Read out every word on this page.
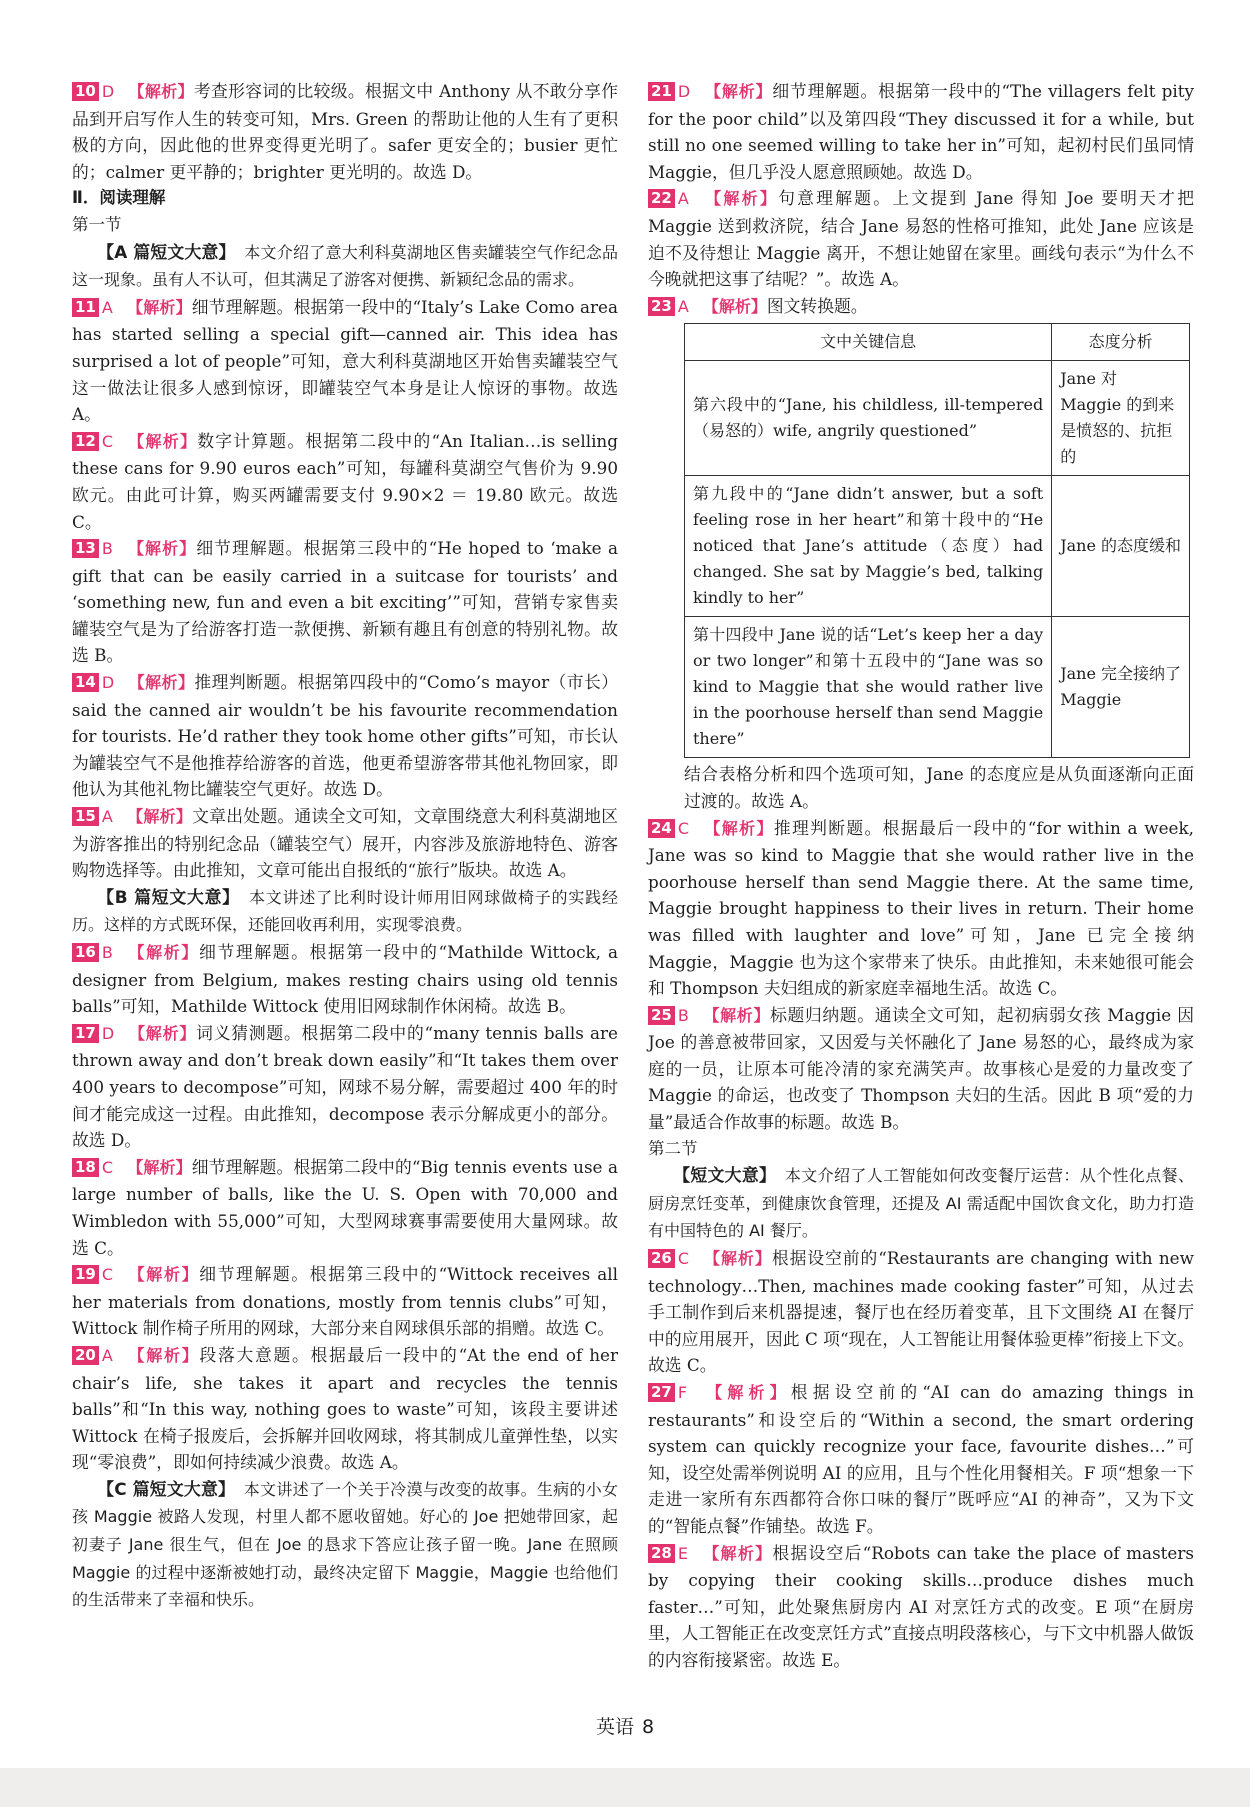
10 D 【解析】考查形容词的比较级。根据文中 Anthony 从不敢分享作品到开启写作人生的转变可知，Mrs. Green 的帮助让他的人生有了更积极的方向，因此他的世界变得更光明了。safer 更安全的；busier 更忙的；calmer 更平静的；brighter 更光明的。故选 D。

Ⅱ．阅读理解

第一节

【A 篇短文大意】　 本文介绍了意大利科莫湖地区售卖罐装空气作纪念品这一现象。虽有人不认可，但其满足了游客对便携、新颖纪念品的需求。

11 A 【解析】细节理解题。根据第一段中的“Italy’s Lake Como area has started selling a special gift—canned air. This idea has surprised a lot of people”可知，意大利科莫湖地区开始售卖罐装空气这一做法让很多人感到惊讶，即罐装空气本身是让人惊讶的事物。故选 A。

12 C 【解析】数字计算题。根据第二段中的“An Italian…is selling these cans for 9.90 euros each”可知，每罐科莫湖空气售价为 9.90 欧元。由此可计算，购买两罐需要支付 9.90×2 ＝ 19.80 欧元。故选 C。

13 B 【解析】细节理解题。根据第三段中的“He hoped to ‘make a gift that can be easily carried in a suitcase for tourists’ and ‘something new, fun and even a bit exciting’”可知，营销专家售卖罐装空气是为了给游客打造一款便携、新颖有趣且有创意的特别礼物。故选 B。

14 D 【解析】推理判断题。根据第四段中的“Como’s mayor（市长）said the canned air wouldn’t be his favourite recommendation for tourists. He’d rather they took home other gifts”可知，市长认为罐装空气不是他推荐给游客的首选，他更希望游客带其他礼物回家，即他认为其他礼物比罐装空气更好。故选 D。

15 A 【解析】文章出处题。通读全文可知，文章围绕意大利科莫湖地区为游客推出的特别纪念品（罐装空气）展开，内容涉及旅游地特色、游客购物选择等。由此推知，文章可能出自报纸的“旅行”版块。故选 A。

【B 篇短文大意】　 本文讲述了比利时设计师用旧网球做椅子的实践经历。这样的方式既环保，还能回收再利用，实现零浪费。

16 B 【解析】细节理解题。根据第一段中的“Mathilde Wittock, a designer from Belgium, makes resting chairs using old tennis balls”可知，Mathilde Wittock 使用旧网球制作休闲椅。故选 B。

17 D 【解析】词义猜测题。根据第二段中的“many tennis balls are thrown away and don’t break down easily”和“It takes them over 400 years to decompose”可知，网球不易分解，需要超过 400 年的时间才能完成这一过程。由此推知，decompose 表示分解成更小的部分。故选 D。

18 C 【解析】细节理解题。根据第二段中的“Big tennis events use a large number of balls, like the U. S. Open with 70,000 and Wimbledon with 55,000”可知，大型网球赛事需要使用大量网球。故选 C。

19 C 【解析】细节理解题。根据第三段中的“Wittock receives all her materials from donations, mostly from tennis clubs”可知，Wittock 制作椅子所用的网球，大部分来自网球俱乐部的捐赠。故选 C。

20 A 【解析】段落大意题。根据最后一段中的“At the end of her chair’s life, she takes it apart and recycles the tennis balls”和“In this way, nothing goes to waste”可知，该段主要讲述 Wittock 在椅子报废后，会拆解并回收网球，将其制成儿童弹性垫，以实现“零浪费”，即如何持续减少浪费。故选 A。

【C 篇短文大意】　 本文讲述了一个关于冷漠与改变的故事。生病的小女孩 Maggie 被路人发现，村里人都不愿收留她。好心的 Joe 把她带回家，起初妻子 Jane 很生气，但在 Joe 的恳求下答应让孩子留一晚。Jane 在照顾 Maggie 的过程中逐渐被她打动，最终决定留下 Maggie，Maggie 也给他们的生活带来了幸福和快乐。

21 D 【解析】细节理解题。根据第一段中的“The villagers felt pity for the poor child”以及第四段“They discussed it for a while, but still no one seemed willing to take her in”可知，起初村民们虽同情 Maggie，但几乎没人愿意照顾她。故选 D。

22 A 【解析】句意理解题。上文提到 Jane 得知 Joe 要明天才把 Maggie 送到救济院，结合 Jane 易怒的性格可推知，此处 Jane 应该是迫不及待想让 Maggie 离开，不想让她留在家里。画线句表示“为什么不今晚就把这事了结呢？”。故选 A。

23 A 【解析】图文转换题。

文中关键信息	态度分析
第六段中的“Jane, his childless, ill-tempered（易怒的）wife, angrily questioned”	Jane 对 Maggie 的到来是愤怒的、抗拒的
第九段中的“Jane didn’t answer, but a soft feeling rose in her heart”和第十段中的“He noticed that Jane’s attitude（态度）had changed. She sat by Maggie’s bed, talking kindly to her”	Jane 的态度缓和
第十四段中 Jane 说的话“Let’s keep her a day or two longer”和第十五段中的“Jane was so kind to Maggie that she would rather live in the poorhouse herself than send Maggie there”	Jane 完全接纳了 Maggie

结合表格分析和四个选项可知，Jane 的态度应是从负面逐渐向正面过渡的。故选 A。

24 C 【解析】推理判断题。根据最后一段中的“for within a week, Jane was so kind to Maggie that she would rather live in the poorhouse herself than send Maggie there. At the same time, Maggie brought happiness to their lives in return. Their home was filled with laughter and love”可知，Jane 已完全接纳 Maggie，Maggie 也为这个家带来了快乐。由此推知，未来她很可能会和 Thompson 夫妇组成的新家庭幸福地生活。故选 C。

25 B 【解析】标题归纳题。通读全文可知，起初病弱女孩 Maggie 因 Joe 的善意被带回家，又因爱与关怀融化了 Jane 易怒的心，最终成为家庭的一员，让原本可能冷清的家充满笑声。故事核心是爱的力量改变了 Maggie 的命运，也改变了 Thompson 夫妇的生活。因此 B 项“爱的力量”最适合作故事的标题。故选 B。

第二节

【短文大意】　 本文介绍了人工智能如何改变餐厅运营：从个性化点餐、厨房烹饪变革，到健康饮食管理，还提及 AI 需适配中国饮食文化，助力打造有中国特色的 AI 餐厅。

26 C 【解析】根据设空前的“Restaurants are changing with new technology…Then, machines made cooking faster”可知，从过去手工制作到后来机器提速，餐厅也在经历着变革，且下文围绕 AI 在餐厅中的应用展开，因此 C 项“现在，人工智能让用餐体验更棒”衔接上下文。故选 C。

27 F 【解析】根据设空前的“AI can do amazing things in restaurants”和设空后的“Within a second, the smart ordering system can quickly recognize your face, favourite dishes…”可知，设空处需举例说明 AI 的应用，且与个性化用餐相关。F 项“想象一下走进一家所有东西都符合你口味的餐厅”既呼应“AI 的神奇”，又为下文的“智能点餐”作铺垫。故选 F。

28 E 【解析】根据设空后“Robots can take the place of masters by copying their cooking skills…produce dishes much faster…”可知，此处聚焦厨房内 AI 对烹饪方式的改变。E 项“在厨房里，人工智能正在改变烹饪方式”直接点明段落核心，与下文中机器人做饭的内容衔接紧密。故选 E。

英语 8
